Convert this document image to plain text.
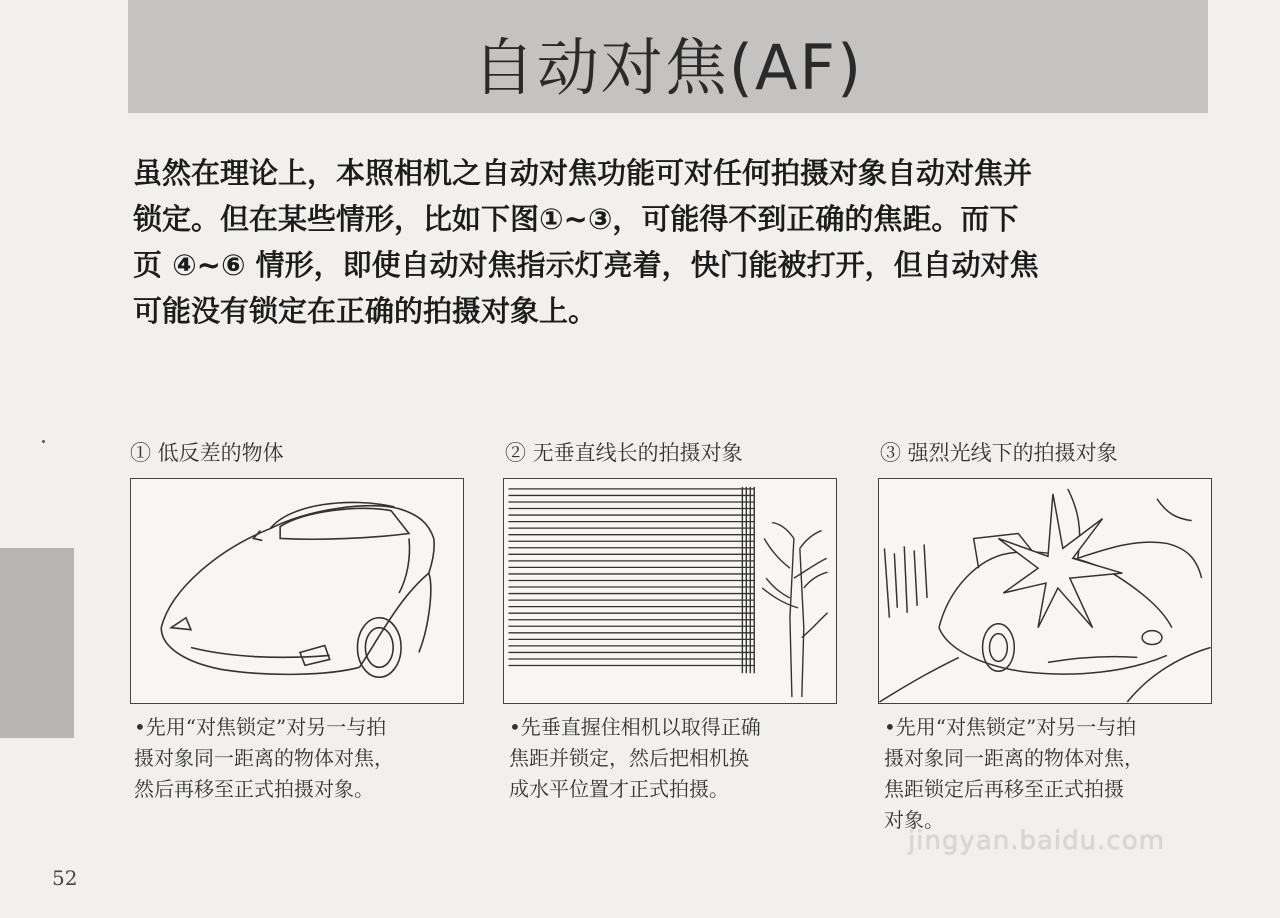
自动对焦(AF)

虽然在理论上，本照相机之自动对焦功能可对任何拍摄对象自动对焦并

锁定。但在某些情形，比如下图①~③，可能得不到正确的焦距。而下

页 ④~⑥ 情形，即使自动对焦指示灯亮着，快门能被打开，但自动对焦

可能没有锁定在正确的拍摄对象上。

① 低反差的物体

•先用“对焦锁定”对另一与拍

摄对象同一距离的物体对焦，

然后再移至正式拍摄对象。

② 无垂直线长的拍摄对象

•先垂直握住相机以取得正确

焦距并锁定，然后把相机换

成水平位置才正式拍摄。

③ 强烈光线下的拍摄对象

•先用“对焦锁定”对另一与拍

摄对象同一距离的物体对焦，

焦距锁定后再移至正式拍摄

对象。

52
jingyan.baidu.com
